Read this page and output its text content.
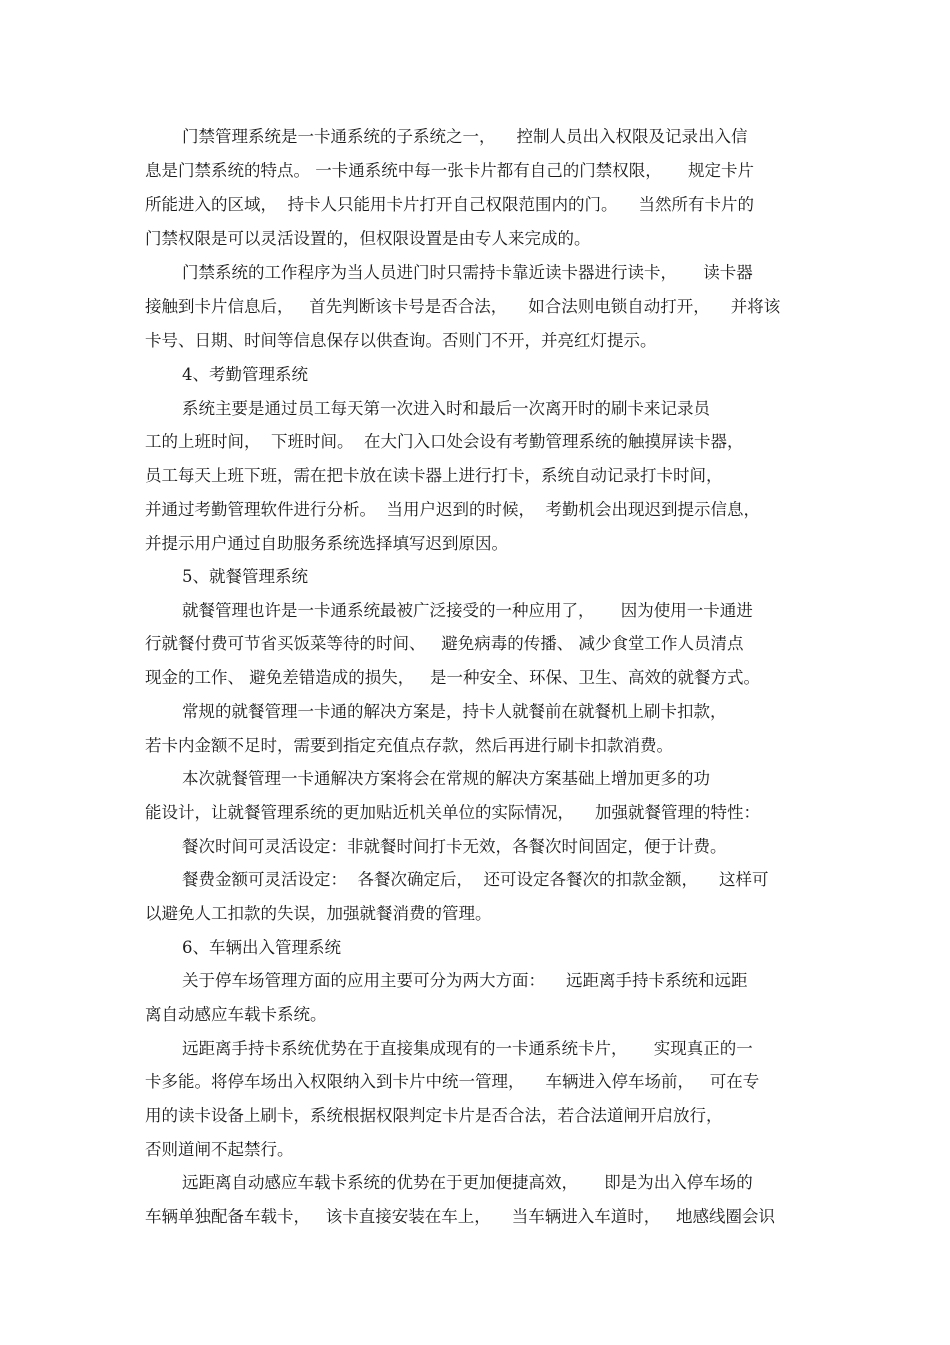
门禁管理系统是一卡通系统的子系统之一，    控制人员出入权限及记录出入信

息是门禁系统的特点。 一卡通系统中每一张卡片都有自己的门禁权限，     规定卡片

所能进入的区域，  持卡人只能用卡片打开自己权限范围内的门。    当然所有卡片的

门禁权限是可以灵活设置的，但权限设置是由专人来完成的。

门禁系统的工作程序为当人员进门时只需持卡靠近读卡器进行读卡，     读卡器

接触到卡片信息后，   首先判断该卡号是否合法，    如合法则电锁自动打开，    并将该

卡号、日期、时间等信息保存以供查询。否则门不开，并亮红灯提示。

4、考勤管理系统

系统主要是通过员工每天第一次进入时和最后一次离开时的刷卡来记录员

工的上班时间，  下班时间。  在大门入口处会设有考勤管理系统的触摸屏读卡器，

员工每天上班下班，需在把卡放在读卡器上进行打卡，系统自动记录打卡时间，

并通过考勤管理软件进行分析。  当用户迟到的时候，  考勤机会出现迟到提示信息，

并提示用户通过自助服务系统选择填写迟到原因。

5、就餐管理系统

就餐管理也许是一卡通系统最被广泛接受的一种应用了，     因为使用一卡通进

行就餐付费可节省买饭菜等待的时间、   避免病毒的传播、 减少食堂工作人员清点

现金的工作、 避免差错造成的损失，   是一种安全、环保、卫生、高效的就餐方式。

常规的就餐管理一卡通的解决方案是，持卡人就餐前在就餐机上刷卡扣款，

若卡内金额不足时，需要到指定充值点存款，然后再进行刷卡扣款消费。

本次就餐管理一卡通解决方案将会在常规的解决方案基础上增加更多的功

能设计，让就餐管理系统的更加贴近机关单位的实际情况，    加强就餐管理的特性：

餐次时间可灵活设定：非就餐时间打卡无效，各餐次时间固定，便于计费。

餐费金额可灵活设定：  各餐次确定后，  还可设定各餐次的扣款金额，    这样可

以避免人工扣款的失误，加强就餐消费的管理。

6、车辆出入管理系统

关于停车场管理方面的应用主要可分为两大方面：    远距离手持卡系统和远距

离自动感应车载卡系统。

远距离手持卡系统优势在于直接集成现有的一卡通系统卡片，     实现真正的一

卡多能。将停车场出入权限纳入到卡片中统一管理，    车辆进入停车场前，   可在专

用的读卡设备上刷卡，系统根据权限判定卡片是否合法，若合法道闸开启放行，

否则道闸不起禁行。

远距离自动感应车载卡系统的优势在于更加便捷高效，     即是为出入停车场的

车辆单独配备车载卡，   该卡直接安装在车上，    当车辆进入车道时，   地感线圈会识
